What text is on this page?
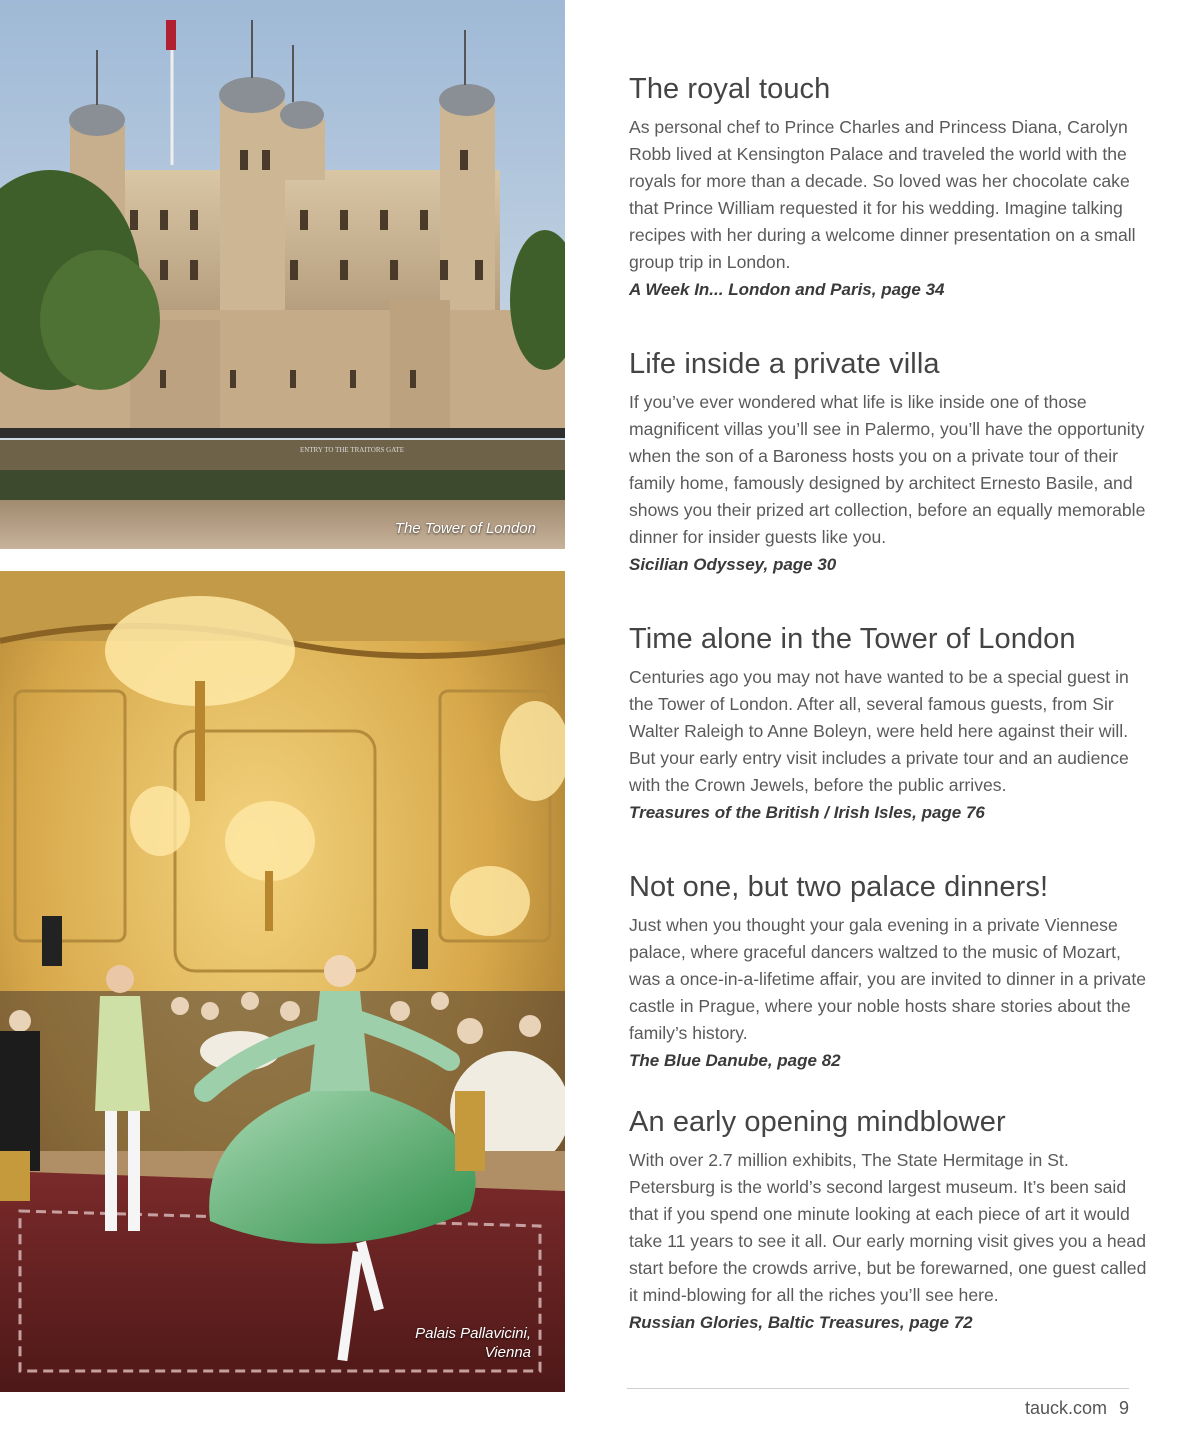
ENTRY TO THE TRAITORS GATE
The Tower of London
Palais Pallavicini,
Vienna
The royal touch

As personal chef to Prince Charles and Princess Diana, Carolyn Robb lived at Kensington Palace and traveled the world with the royals for more than a decade. So loved was her chocolate cake that Prince William requested it for his wedding. Imagine talking recipes with her during a welcome dinner presentation on a small group trip in London.

A Week In... London and Paris, page 34

Life inside a private villa

If you’ve ever wondered what life is like inside one of those magnificent villas you’ll see in Palermo, you’ll have the opportunity when the son of a Baroness hosts you on a private tour of their family home, famously designed by architect Ernesto Basile, and shows you their prized art collection, before an equally memorable dinner for insider guests like you.

Sicilian Odyssey, page 30

Time alone in the Tower of London

Centuries ago you may not have wanted to be a special guest in the Tower of London. After all, several famous guests, from Sir Walter Raleigh to Anne Boleyn, were held here against their will. But your early entry visit includes a private tour and an audience with the Crown Jewels, before the public arrives.

Treasures of the British / Irish Isles, page 76

Not one, but two palace dinners!

Just when you thought your gala evening in a private Viennese palace, where graceful dancers waltzed to the music of Mozart, was a once-in-a-lifetime affair, you are invited to dinner in a private castle in Prague, where your noble hosts share stories about the family’s history.

The Blue Danube, page 82

An early opening mindblower

With over 2.7 million exhibits, The State Hermitage in St. Petersburg is the world’s second largest museum. It’s been said that if you spend one minute looking at each piece of art it would take 11 years to see it all. Our early morning visit gives you a head start before the crowds arrive, but be forewarned, one guest called it mind-blowing for all the riches you’ll see here.

Russian Glories, Baltic Treasures, page 72

tauck.com 9
